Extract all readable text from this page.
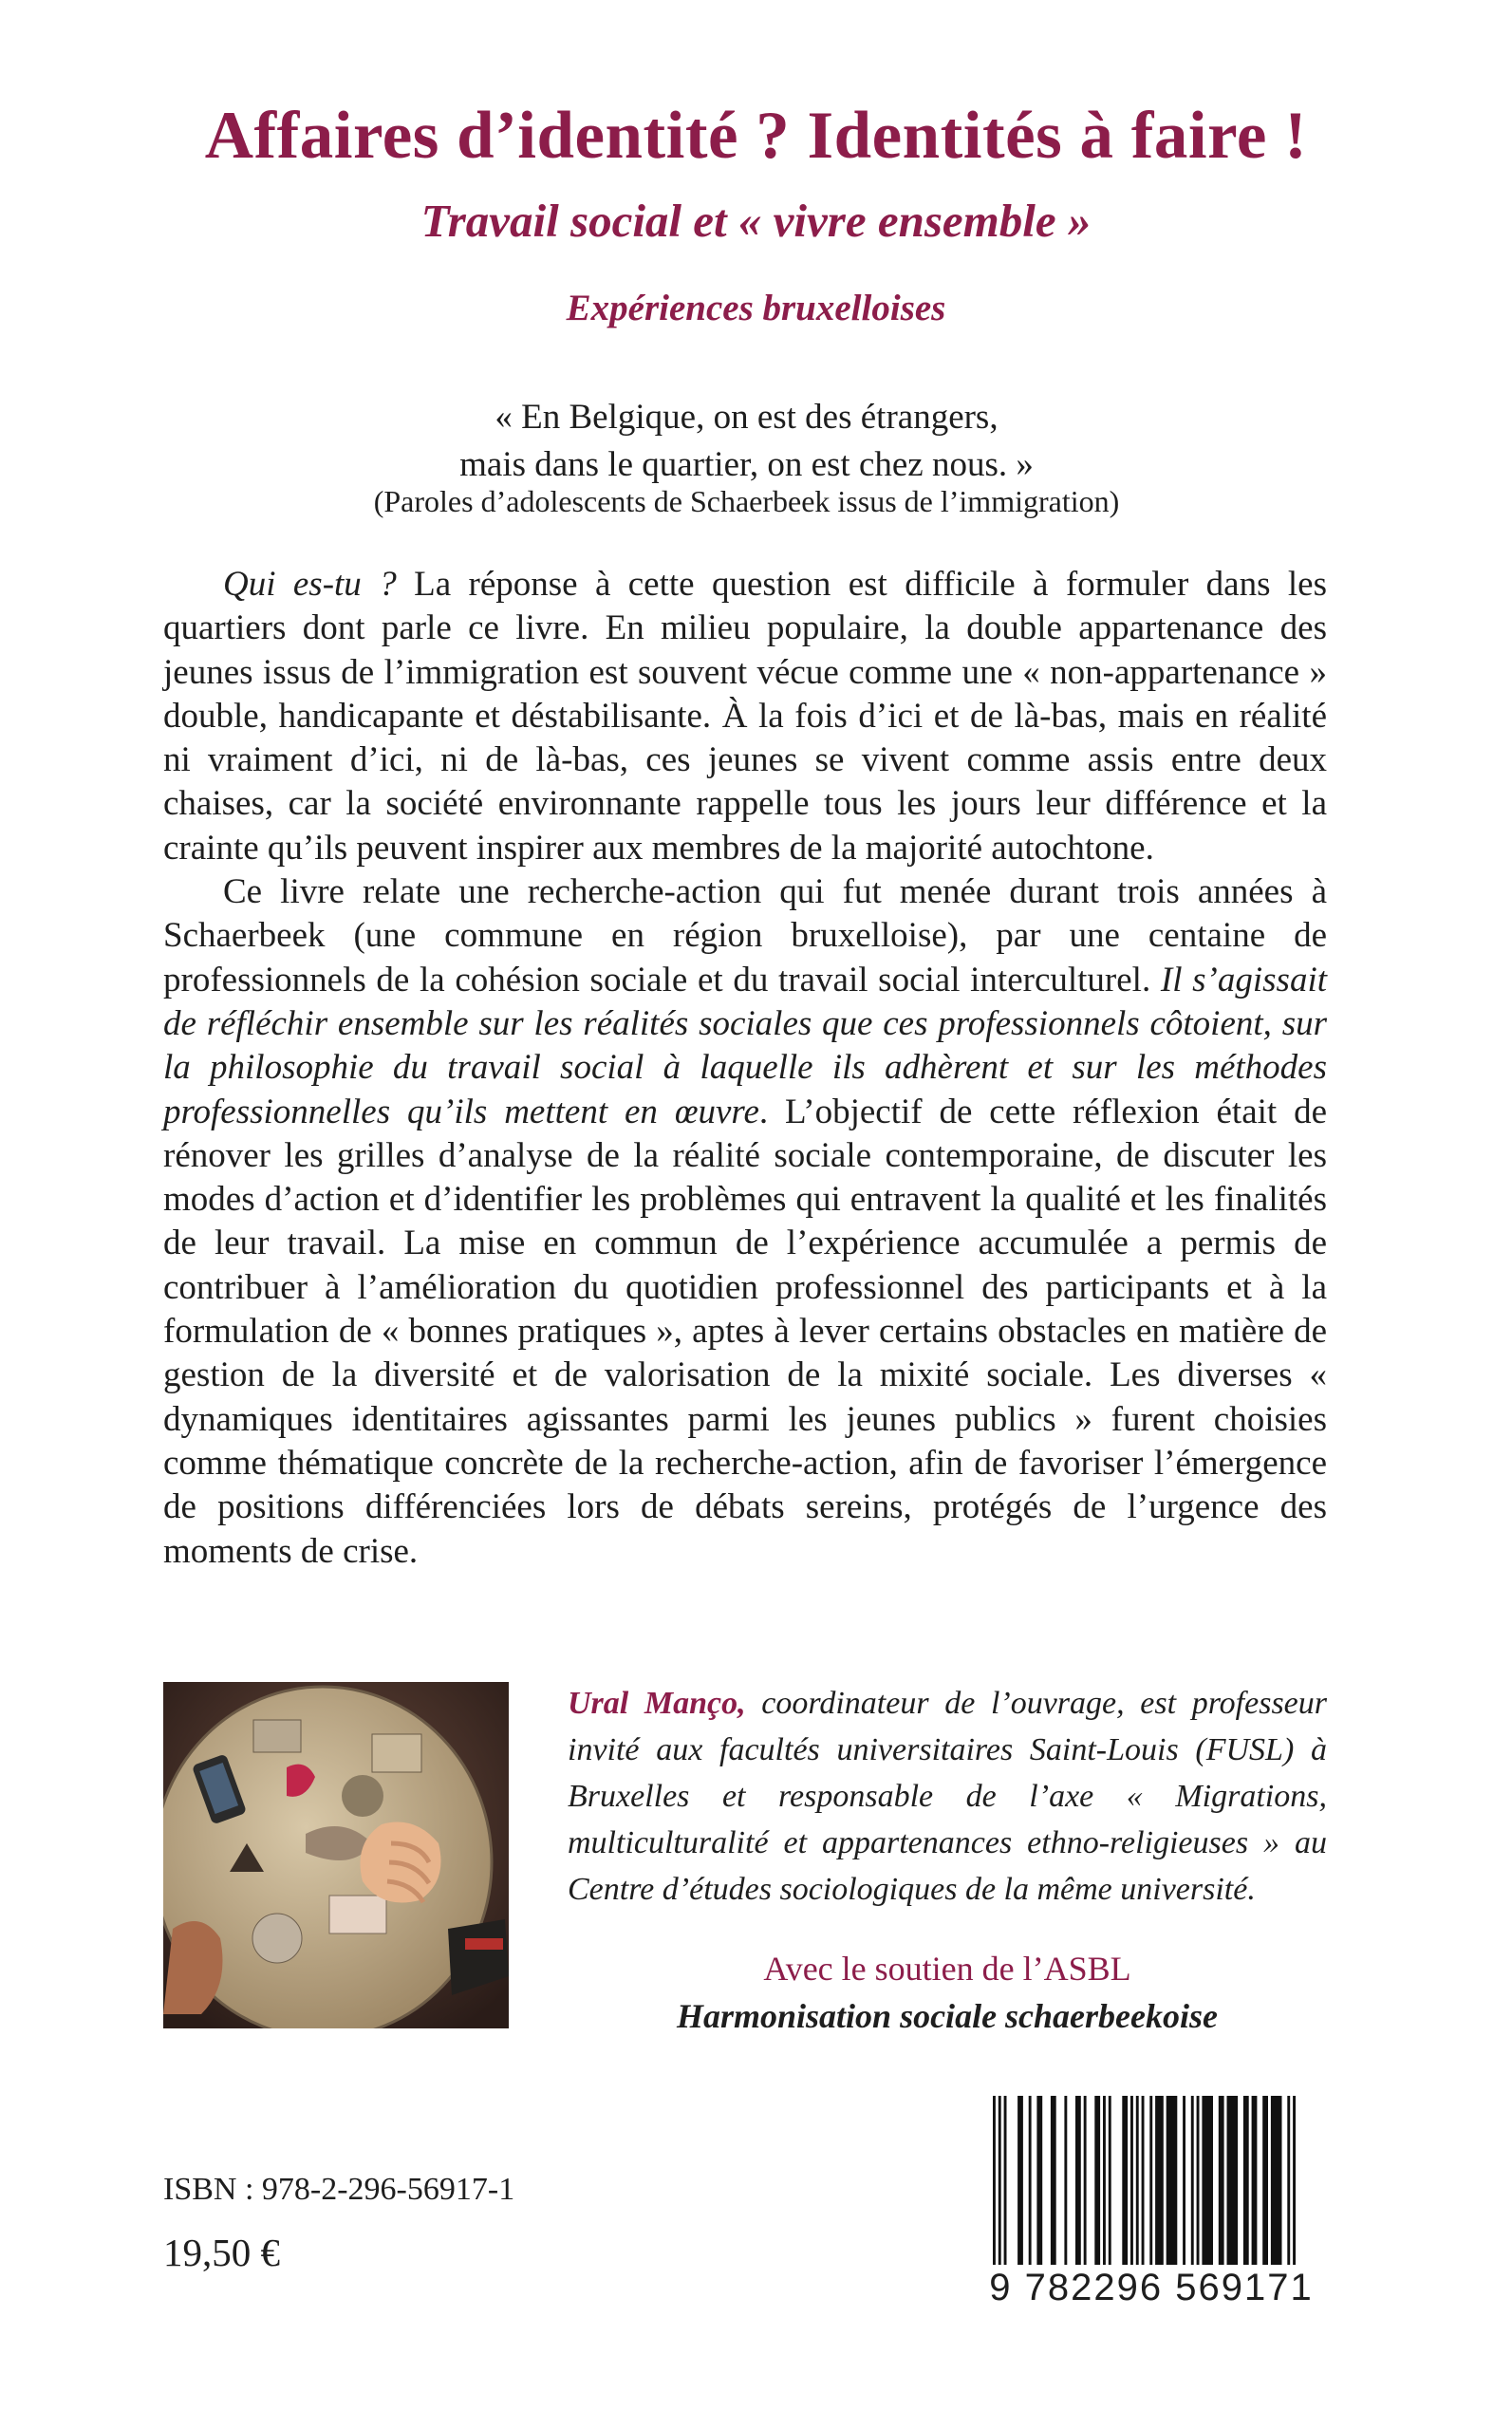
Affaires d’identité ? Identités à faire !
Travail social et « vivre ensemble »
Expériences bruxelloises
« En Belgique, on est des étrangers,
mais dans le quartier, on est chez nous. »
(Paroles d’adolescents de Schaerbeek issus de l’immigration)

Qui es-tu ? La réponse à cette question est difficile à formuler dans les quartiers dont parle ce livre. En milieu populaire, la double appartenance des jeunes issus de l’immigration est souvent vécue comme une « non-appartenance » double, handicapante et déstabilisante. À la fois d’ici et de là-bas, mais en réalité ni vraiment d’ici, ni de là-bas, ces jeunes se vivent comme assis entre deux chaises, car la société environnante rappelle tous les jours leur différence et la crainte qu’ils peuvent inspirer aux membres de la majorité autochtone.

Ce livre relate une recherche-action qui fut menée durant trois années à Schaerbeek (une commune en région bruxelloise), par une centaine de professionnels de la cohésion sociale et du travail social interculturel. Il s’agissait de réfléchir ensemble sur les réalités sociales que ces professionnels côtoient, sur la philosophie du travail social à laquelle ils adhèrent et sur les méthodes professionnelles qu’ils mettent en œuvre. L’objectif de cette réflexion était de rénover les grilles d’analyse de la réalité sociale contemporaine, de discuter les modes d’action et d’identifier les problèmes qui entravent la qualité et les finalités de leur travail. La mise en commun de l’expérience accumulée a permis de contribuer à l’amélioration du quotidien professionnel des participants et à la formulation de « bonnes pratiques », aptes à lever certains obstacles en matière de gestion de la diversité et de valorisation de la mixité sociale. Les diverses « dynamiques identitaires agissantes parmi les jeunes publics » furent choisies comme thématique concrète de la recherche-action, afin de favoriser l’émergence de positions différenciées lors de débats sereins, protégés de l’urgence des moments de crise.

Ural Mançο, coordinateur de l’ouvrage, est professeur invité aux facultés universitaires Saint-Louis (FUSL) à Bruxelles et responsable de l’axe « Migrations, multiculturalité et appartenances ethno-religieuses » au Centre d’études sociologiques de la même université.
Avec le soutien de l’ASBL
Harmonisation sociale schaerbeekoise
ISBN : 978-2-296-56917-1
19,50 €
9 782296 569171
